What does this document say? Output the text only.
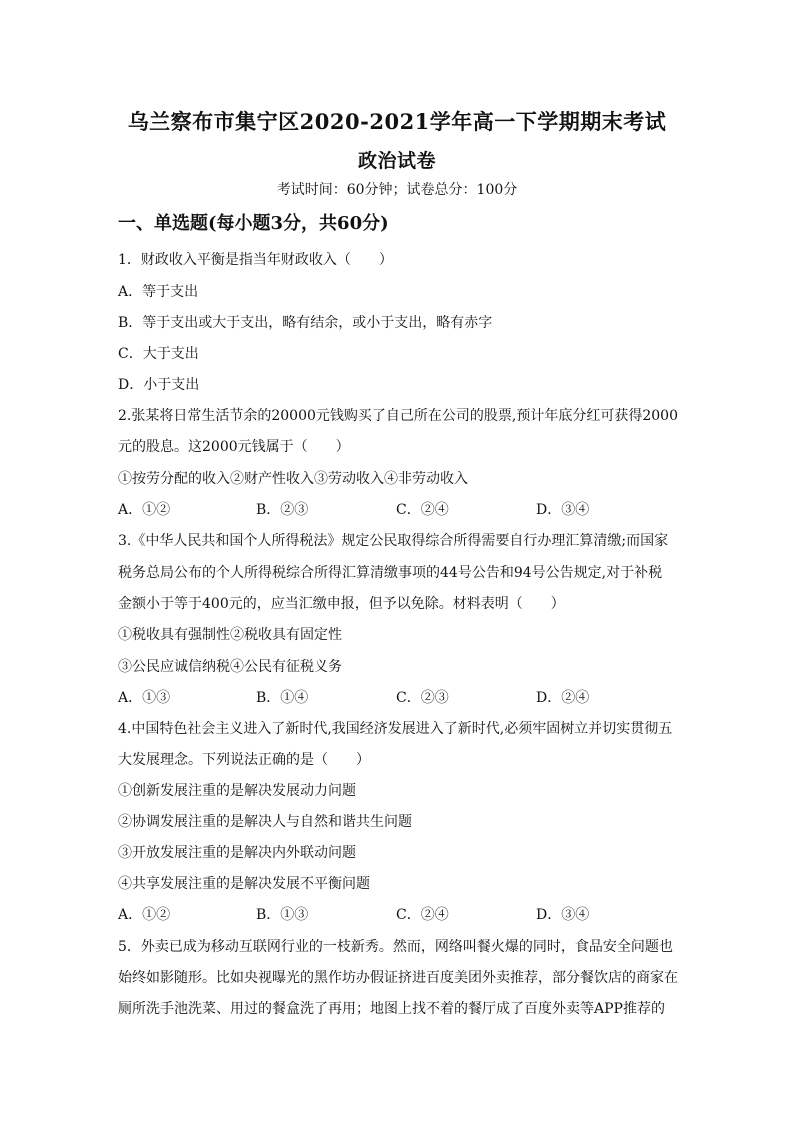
乌兰察布市集宁区2020-2021学年高一下学期期末考试
政治试卷
考试时间：60分钟；试卷总分：100分
一、单选题(每小题3分，共60分)
1．财政收入平衡是指当年财政收入（　　）
A．等于支出
B．等于支出或大于支出，略有结余，或小于支出，略有赤字
C．大于支出
D．小于支出
2.张某将日常生活节余的20000元钱购买了自己所在公司的股票,预计年底分红可获得2000
元的股息。这2000元钱属于（　　）
①按劳分配的收入②财产性收入③劳动收入④非劳动收入
A．①②	B．②③	C．②④	D．③④
3.《中华人民共和国个人所得税法》规定公民取得综合所得需要自行办理汇算清缴;而国家
税务总局公布的个人所得税综合所得汇算清缴事项的44号公告和94号公告规定,对于补税
金额小于等于400元的，应当汇缴申报，但予以免除。材料表明（　　）
①税收具有强制性②税收具有固定性
③公民应诚信纳税④公民有征税义务
A．①③	B．①④	C．②③	D．②④
4.中国特色社会主义进入了新时代,我国经济发展进入了新时代,必须牢固树立并切实贯彻五
大发展理念。下列说法正确的是（　　）
①创新发展注重的是解决发展动力问题
②协调发展注重的是解决人与自然和谐共生问题
③开放发展注重的是解决内外联动问题
④共享发展注重的是解决发展不平衡问题
A．①②	B．①③	C．②④	D．③④
5．外卖已成为移动互联网行业的一枝新秀。然而，网络叫餐火爆的同时，食品安全问题也
始终如影随形。比如央视曝光的黑作坊办假证挤进百度美团外卖推荐，部分餐饮店的商家在
厕所洗手池洗菜、用过的餐盒洗了再用；地图上找不着的餐厅成了百度外卖等APP推荐的
